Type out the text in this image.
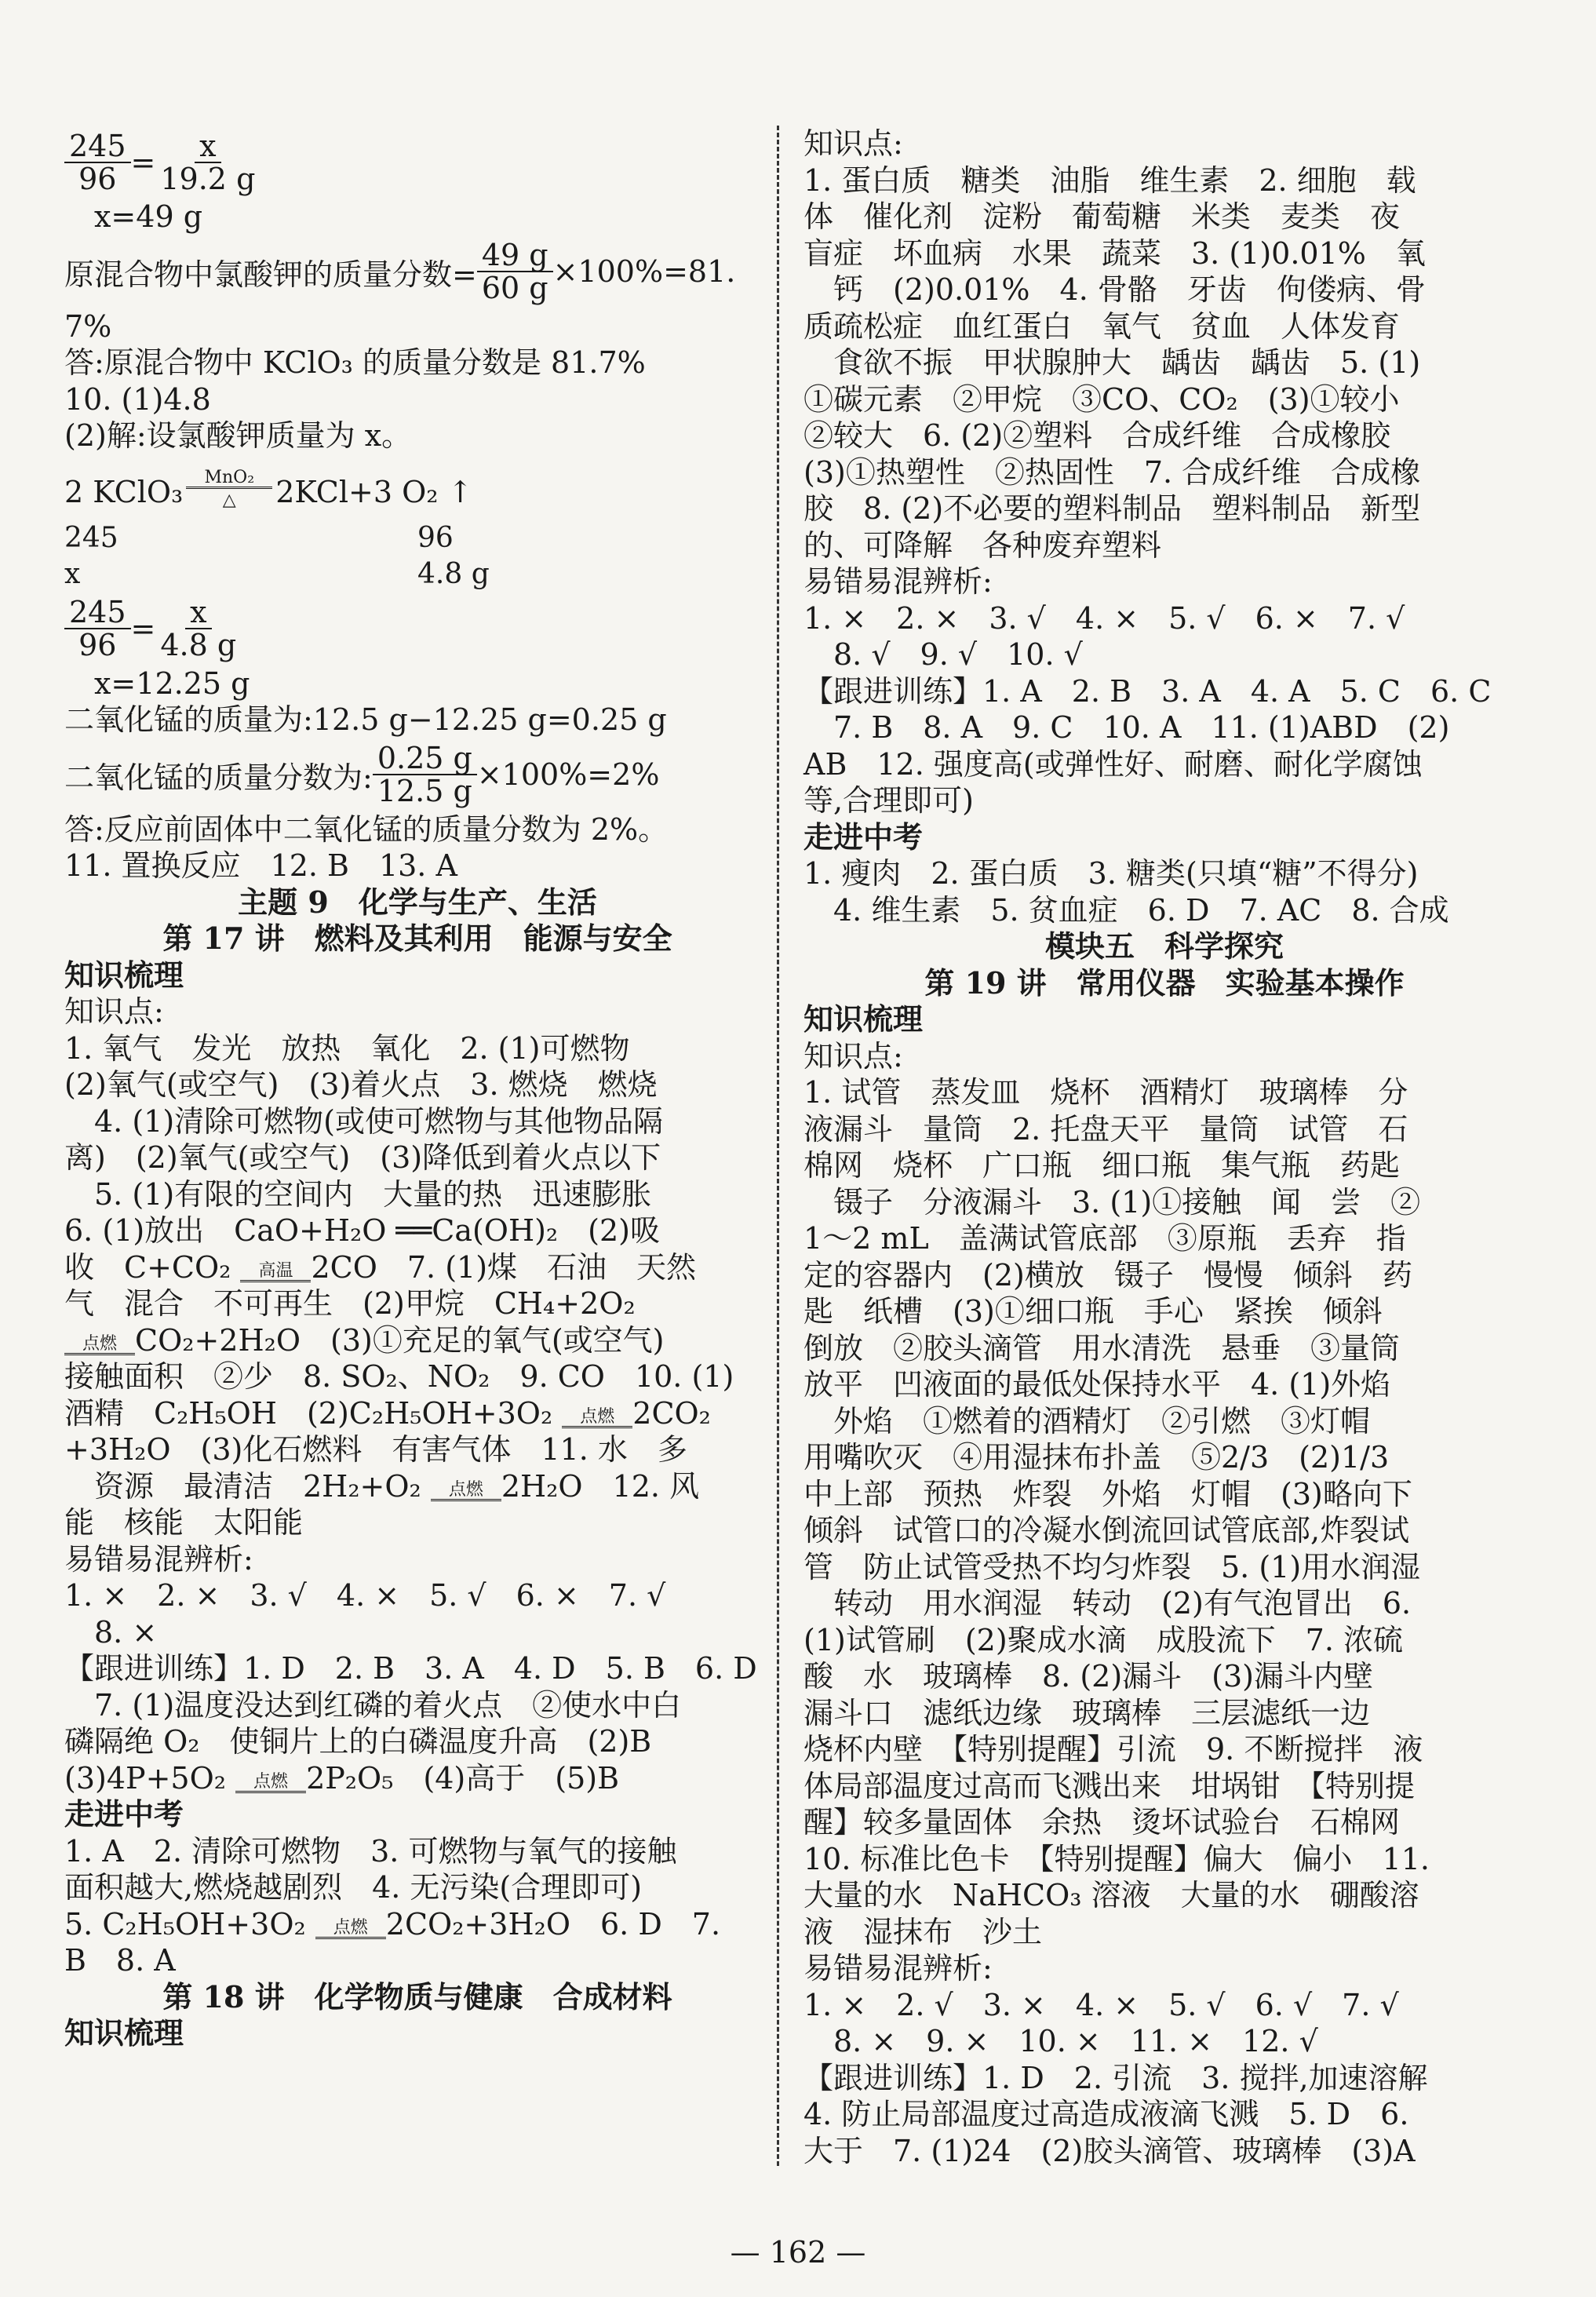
$\frac{245}{96} = \frac{x}{19.2 g}$
x=49 g
原混合物中氯酸钾的质量分数= $\frac{49 g}{60 g} \times 100\%=81$.
7%
答:原混合物中 KClO₃ 的质量分数是 81.7%
10. (1)4.8
(2)解:设氯酸钾质量为 x。
2 KClO₃ MnO₂
△ 2KCl+3 O₂ ↑
245	96
x	4.8 g
$\frac{245}{96} = \frac{x}{4.8 g}$
x=12.25 g
二氧化锰的质量为:12.5 g−12.25 g=0.25 g
二氧化锰的质量分数为: $\frac{0.25 g}{12.5 g} \times 100\%=2\%$
答:反应前固体中二氧化锰的质量分数为 2%。
11. 置换反应　12. B　13. A
主题 9　化学与生产、生活
第 17 讲　燃料及其利用　能源与安全
知识梳理
知识点:
1. 氧气　发光　放热　氧化　2. (1)可燃物
(2)氧气(或空气)　(3)着火点　3. 燃烧　燃烧
4. (1)清除可燃物(或使可燃物与其他物品隔
离)　(2)氧气(或空气)　(3)降低到着火点以下
5. (1)有限的空间内　大量的热　迅速膨胀
6. (1)放出　CaO+H₂O ══Ca(OH)₂　(2)吸
收　C+CO₂ 高温 2CO　7. (1)煤　石油　天然
气　混合　不可再生　(2)甲烷　CH₄+2O₂
点燃 CO₂+2H₂O　(3)①充足的氧气(或空气)
接触面积　②少　8. SO₂、NO₂　9. CO　10. (1)
酒精　C₂H₅OH　(2)C₂H₅OH+3O₂ 点燃 2CO₂
+3H₂O　(3)化石燃料　有害气体　11. 水　多
资源　最清洁　2H₂+O₂ 点燃 2H₂O　12. 风
能　核能　太阳能
易错易混辨析:
1. ×　2. ×　3. √　4. ×　5. √　6. ×　7. √
8. ×
【跟进训练】1. D　2. B　3. A　4. D　5. B　6. D
7. (1)温度没达到红磷的着火点　②使水中白
磷隔绝 O₂　使铜片上的白磷温度升高　(2)B
(3)4P+5O₂ 点燃 2P₂O₅　(4)高于　(5)B
走进中考
1. A　2. 清除可燃物　3. 可燃物与氧气的接触
面积越大,燃烧越剧烈　4. 无污染(合理即可)
5. C₂H₅OH+3O₂ 点燃 2CO₂+3H₂O　6. D　7.
B　8. A
第 18 讲　化学物质与健康　合成材料
知识梳理
知识点:
1. 蛋白质　糖类　油脂　维生素　2. 细胞　载
体　催化剂　淀粉　葡萄糖　米类　麦类　夜
盲症　坏血病　水果　蔬菜　3. (1)0.01%　氧
钙　(2)0.01%　4. 骨骼　牙齿　佝偻病、骨
质疏松症　血红蛋白　氧气　贫血　人体发育
食欲不振　甲状腺肿大　龋齿　龋齿　5. (1)
①碳元素　②甲烷　③CO、CO₂　(3)①较小
②较大　6. (2)②塑料　合成纤维　合成橡胶
(3)①热塑性　②热固性　7. 合成纤维　合成橡
胶　8. (2)不必要的塑料制品　塑料制品　新型
的、可降解　各种废弃塑料
易错易混辨析:
1. ×　2. ×　3. √　4. ×　5. √　6. ×　7. √
8. √　9. √　10. √
【跟进训练】1. A　2. B　3. A　4. A　5. C　6. C
7. B　8. A　9. C　10. A　11. (1)ABD　(2)
AB　12. 强度高(或弹性好、耐磨、耐化学腐蚀
等,合理即可)
走进中考
1. 瘦肉　2. 蛋白质　3. 糖类(只填“糖”不得分)
4. 维生素　5. 贫血症　6. D　7. AC　8. 合成
模块五　科学探究
第 19 讲　常用仪器　实验基本操作
知识梳理
知识点:
1. 试管　蒸发皿　烧杯　酒精灯　玻璃棒　分
液漏斗　量筒　2. 托盘天平　量筒　试管　石
棉网　烧杯　广口瓶　细口瓶　集气瓶　药匙
镊子　分液漏斗　3. (1)①接触　闻　尝　②
1～2 mL　盖满试管底部　③原瓶　丢弃　指
定的容器内　(2)横放　镊子　慢慢　倾斜　药
匙　纸槽　(3)①细口瓶　手心　紧挨　倾斜
倒放　②胶头滴管　用水清洗　悬垂　③量筒
放平　凹液面的最低处保持水平　4. (1)外焰
外焰　①燃着的酒精灯　②引燃　③灯帽
用嘴吹灭　④用湿抹布扑盖　⑤2/3　(2)1/3
中上部　预热　炸裂　外焰　灯帽　(3)略向下
倾斜　试管口的冷凝水倒流回试管底部,炸裂试
管　防止试管受热不均匀炸裂　5. (1)用水润湿
转动　用水润湿　转动　(2)有气泡冒出　6.
(1)试管刷　(2)聚成水滴　成股流下　7. 浓硫
酸　水　玻璃棒　8. (2)漏斗　(3)漏斗内壁
漏斗口　滤纸边缘　玻璃棒　三层滤纸一边
烧杯内壁　【特别提醒】引流　9. 不断搅拌　液
体局部温度过高而飞溅出来　坩埚钳　【特别提
醒】较多量固体　余热　烫坏试验台　石棉网
10. 标准比色卡　【特别提醒】偏大　偏小　11.
大量的水　NaHCO₃ 溶液　大量的水　硼酸溶
液　湿抹布　沙土
易错易混辨析:
1. ×　2. √　3. ×　4. ×　5. √　6. √　7. √
8. ×　9. ×　10. ×　11. ×　12. √
【跟进训练】1. D　2. 引流　3. 搅拌,加速溶解
4. 防止局部温度过高造成液滴飞溅　5. D　6.
大于　7. (1)24　(2)胶头滴管、玻璃棒　(3)A
— 162 —
